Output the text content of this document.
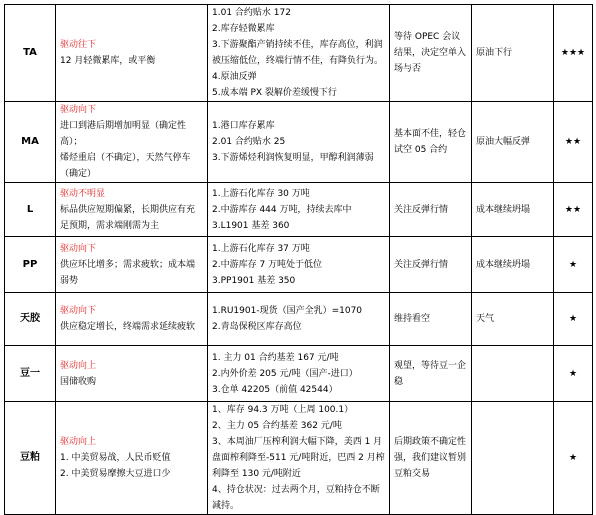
TA	驱动往下
12 月轻微累库，或平衡	1.01 合约贴水 172
2.库存轻微累库
3.下游聚酯产销持续不佳，库存高位，利润被压缩低位，终端行情不佳，有降负行为。
4.原油反弹
5.成本端 PX 裂解价差缓慢下行	等待 OPEC 会议结果，决定空单入场与否	原油下行	★★★
MA	驱动向下
进口到港后期增加明显（确定性高）；
烯烃重启（不确定），天然气停车（确定）	1.港口库存累库
2.01 合约贴水 25
3.下游烯烃利润恢复明显，甲醇利润薄弱	基本面不佳，轻仓试空 05 合约	原油大幅反弹	★★
L	驱动不明显
标品供应短期偏紧，长期供应有充足预期，需求端刚需为主	1.上游石化库存 30 万吨
2.中游库存 444 万吨，持续去库中
3.L1901 基差 360	关注反弹行情	成本继续坍塌	★★
PP	驱动向下
供应环比增多；需求疲软；成本端弱势	1.上游石化库存 37 万吨
2.中游库存 7 万吨处于低位
3.PP1901 基差 350	关注反弹行情	成本继续坍塌	★
天胶	驱动向下
供应稳定增长，终端需求延续疲软	1.RU1901-现货（国产全乳）=1070
2.青岛保税区库存高位	维持看空	天气	★
豆一	驱动向上
国储收购	1. 主力 01 合约基差 167 元/吨
2.内外价差 205 元/吨（国产-进口）
3.仓单 42205（前值 42544）	观望，等待豆一企稳		★
豆粕	驱动向上
1. 中美贸易战，人民币贬值
2. 中美贸易摩擦大豆进口少	1、库存 94.3 万吨（上周 100.1）
2、主力 05 合约基差 362 元/吨
3、本周油厂压榨利润大幅下降，美西 1 月盘面榨利降至-511 元/吨附近，巴西 2 月榨利降至 130 元/吨附近
4、持仓状况：过去两个月，豆粕持仓不断减持。	后期政策不确定性强，我们建议暂别豆粕交易		★
